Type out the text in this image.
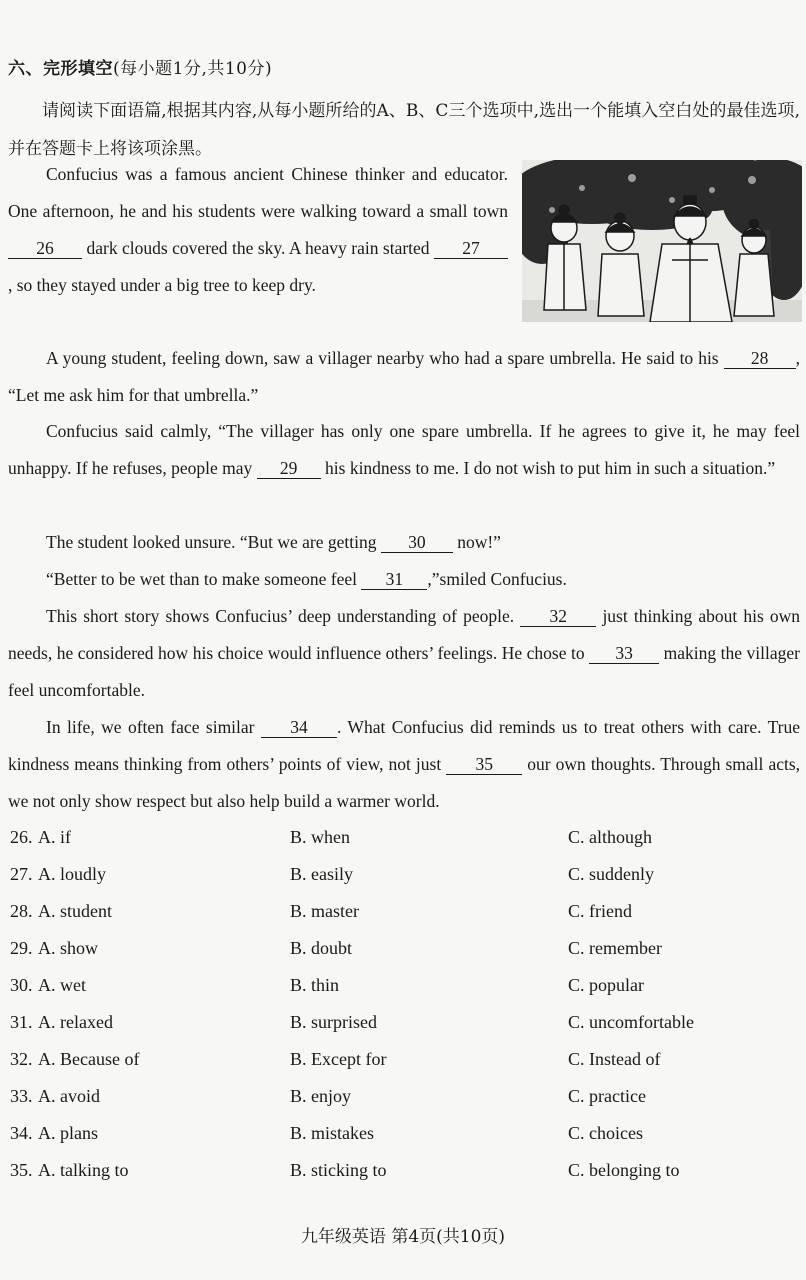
六、完形填空(每小题1分,共10分)
请阅读下面语篇,根据其内容,从每小题所给的A、B、C三个选项中,选出一个能填入空白处的最佳选项,并在答题卡上将该项涂黑。
Confucius was a famous ancient Chinese thinker and educator. One afternoon, he and his students were walking toward a small town 26 dark clouds covered the sky. A heavy rain started 27, so they stayed under a big tree to keep dry.
A young student, feeling down, saw a villager nearby who had a spare umbrella. He said to his 28 , “Let me ask him for that umbrella.”
Confucius said calmly, “The villager has only one spare umbrella. If he agrees to give it, he may feel unhappy. If he refuses, people may 29 his kindness to me. I do not wish to put him in such a situation.”
The student looked unsure. “But we are getting 30 now!”
“Better to be wet than to make someone feel 31 ,”smiled Confucius.
This short story shows Confucius’ deep understanding of people. 32 just thinking about his own needs, he considered how his choice would influence others’ feelings. He chose to 33 making the villager feel uncomfortable.
In life, we often face similar 34 . What Confucius did reminds us to treat others with care. True kindness means thinking from others’ points of view, not just 35 our own thoughts. Through small acts, we not only show respect but also help build a warmer world.
26. A. if	B. when	C. although
27. A. loudly	B. easily	C. suddenly
28. A. student	B. master	C. friend
29. A. show	B. doubt	C. remember
30. A. wet	B. thin	C. popular
31. A. relaxed	B. surprised	C. uncomfortable
32. A. Because of	B. Except for	C. Instead of
33. A. avoid	B. enjoy	C. practice
34. A. plans	B. mistakes	C. choices
35. A. talking to	B. sticking to	C. belonging to
九年级英语 第4页(共10页)
